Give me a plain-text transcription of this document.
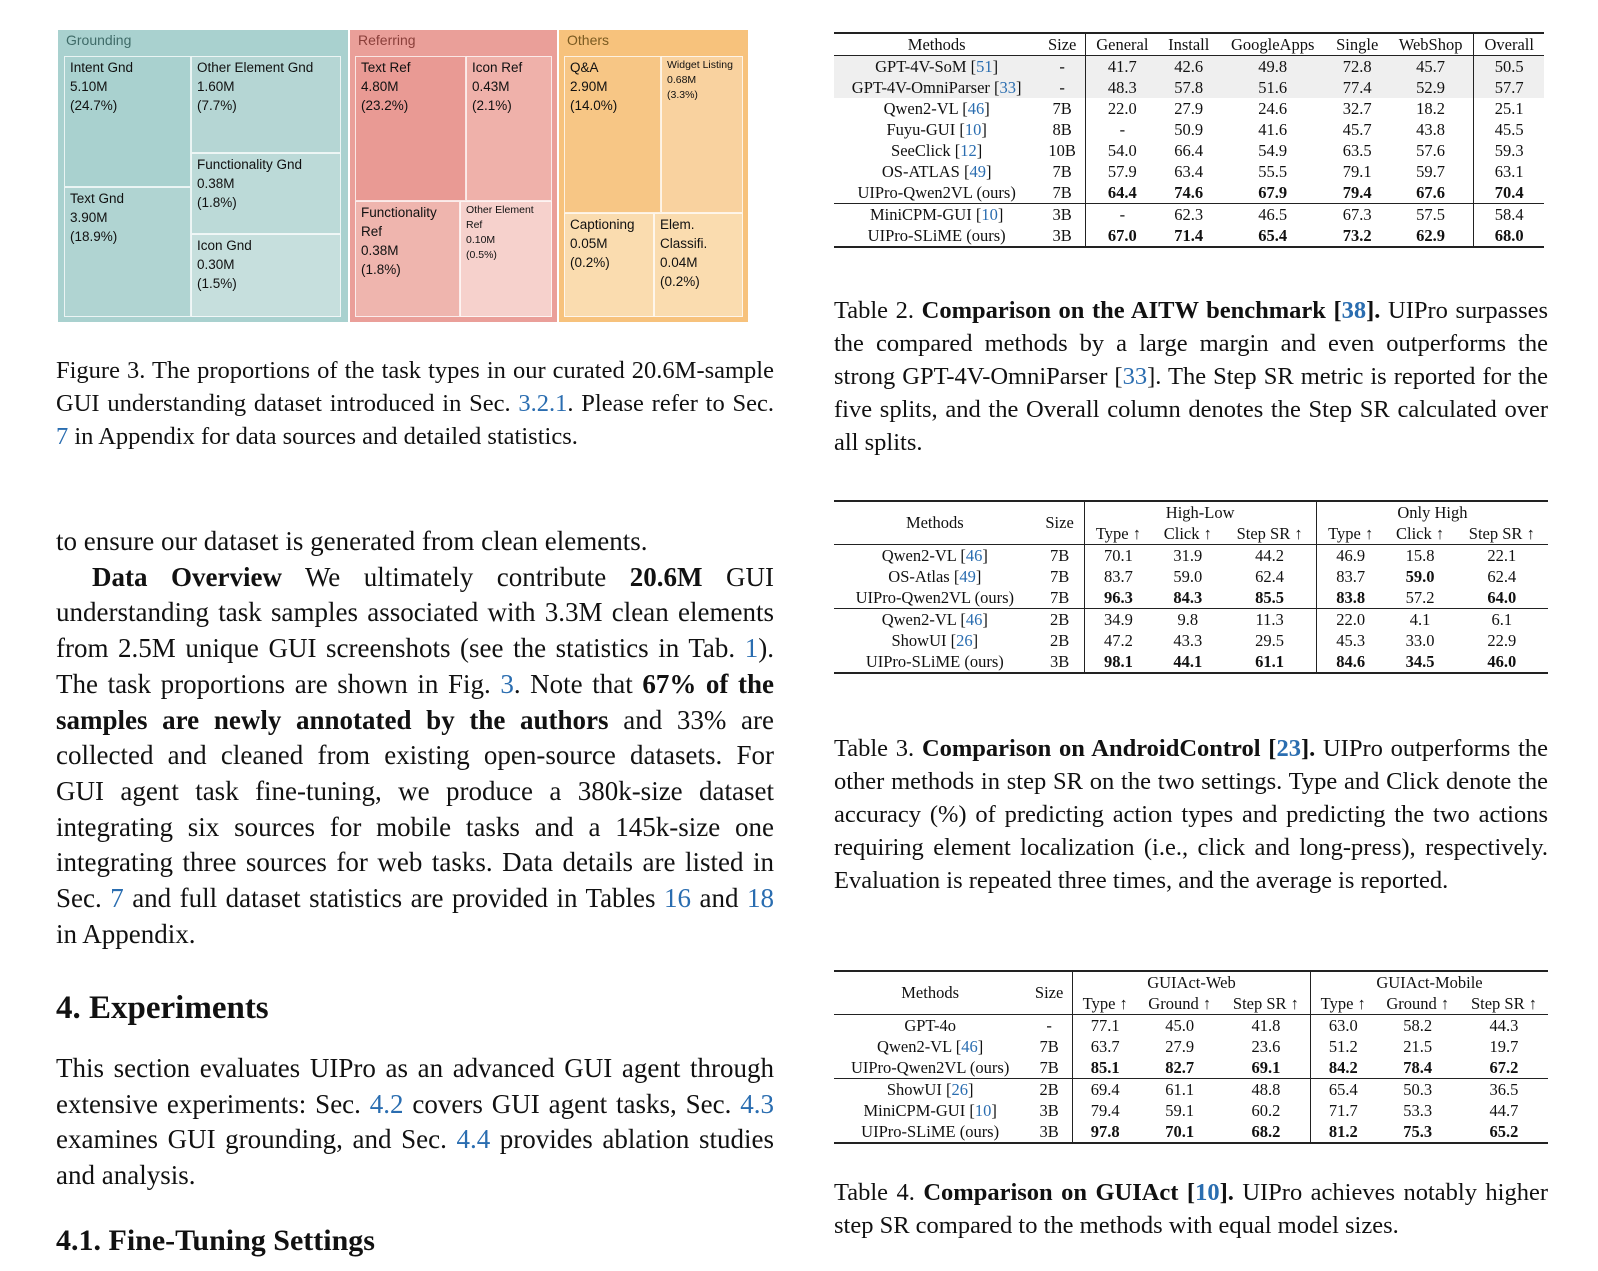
Grounding
Intent Gnd
5.10M
(24.7%)
Other Element Gnd
1.60M
(7.7%)
Functionality Gnd
0.38M
(1.8%)
Text Gnd
3.90M
(18.9%)
Icon Gnd
0.30M
(1.5%)
Referring
Text Ref
4.80M
(23.2%)
Icon Ref
0.43M
(2.1%)
Functionality Ref
0.38M
(1.8%)
Other Element Ref
0.10M
(0.5%)
Others
Q&A
2.90M
(14.0%)
Widget Listing
0.68M
(3.3%)
Captioning
0.05M
(0.2%)
Elem. Classifi.
0.04M
(0.2%)
Figure 3. The proportions of the task types in our curated 20.6M-sample GUI understanding dataset introduced in Sec. 3.2.1. Please refer to Sec. 7 in Appendix for data sources and detailed statistics.

to ensure our dataset is generated from clean elements.

Data Overview We ultimately contribute 20.6M GUI understanding task samples associated with 3.3M clean elements from 2.5M unique GUI screenshots (see the statistics in Tab. 1). The task proportions are shown in Fig. 3. Note that 67% of the samples are newly annotated by the authors and 33% are collected and cleaned from existing open-source datasets. For GUI agent task fine-tuning, we produce a 380k-size dataset integrating six sources for mobile tasks and a 145k-size one integrating three sources for web tasks. Data details are listed in Sec. 7 and full dataset statistics are provided in Tables 16 and 18 in Appendix.

4. Experiments

This section evaluates UIPro as an advanced GUI agent through extensive experiments: Sec. 4.2 covers GUI agent tasks, Sec. 4.3 examines GUI grounding, and Sec. 4.4 provides ablation studies and analysis.

4.1. Fine-Tuning Settings
Methods	Size	General	Install	GoogleApps	Single	WebShop	Overall
GPT-4V-SoM [51]	-	41.7	42.6	49.8	72.8	45.7	50.5
GPT-4V-OmniParser [33]	-	48.3	57.8	51.6	77.4	52.9	57.7
Qwen2-VL [46]	7B	22.0	27.9	24.6	32.7	18.2	25.1
Fuyu-GUI [10]	8B	-	50.9	41.6	45.7	43.8	45.5
SeeClick [12]	10B	54.0	66.4	54.9	63.5	57.6	59.3
OS-ATLAS [49]	7B	57.9	63.4	55.5	79.1	59.7	63.1
UIPro-Qwen2VL (ours)	7B	64.4	74.6	67.9	79.4	67.6	70.4
MiniCPM-GUI [10]	3B	-	62.3	46.5	67.3	57.5	58.4
UIPro-SLiME (ours)	3B	67.0	71.4	65.4	73.2	62.9	68.0
Table 2. Comparison on the AITW benchmark [38]. UIPro surpasses the compared methods by a large margin and even outperforms the strong GPT-4V-OmniParser [33]. The Step SR metric is reported for the five splits, and the Overall column denotes the Step SR calculated over all splits.
Methods	Size	High-Low			Only High		
		Type ↑	Click ↑	Step SR ↑	Type ↑	Click ↑	Step SR ↑
Qwen2-VL [46]	7B	70.1	31.9	44.2	46.9	15.8	22.1
OS-Atlas [49]	7B	83.7	59.0	62.4	83.7	59.0	62.4
UIPro-Qwen2VL (ours)	7B	96.3	84.3	85.5	83.8	57.2	64.0
Qwen2-VL [46]	2B	34.9	9.8	11.3	22.0	4.1	6.1
ShowUI [26]	2B	47.2	43.3	29.5	45.3	33.0	22.9
UIPro-SLiME (ours)	3B	98.1	44.1	61.1	84.6	34.5	46.0
Table 3. Comparison on AndroidControl [23]. UIPro outperforms the other methods in step SR on the two settings. Type and Click denote the accuracy (%) of predicting action types and predicting the two actions requiring element localization (i.e., click and long-press), respectively. Evaluation is repeated three times, and the average is reported.
Methods	Size	GUIAct-Web			GUIAct-Mobile		
		Type ↑	Ground ↑	Step SR ↑	Type ↑	Ground ↑	Step SR ↑
GPT-4o	-	77.1	45.0	41.8	63.0	58.2	44.3
Qwen2-VL [46]	7B	63.7	27.9	23.6	51.2	21.5	19.7
UIPro-Qwen2VL (ours)	7B	85.1	82.7	69.1	84.2	78.4	67.2
ShowUI [26]	2B	69.4	61.1	48.8	65.4	50.3	36.5
MiniCPM-GUI [10]	3B	79.4	59.1	60.2	71.7	53.3	44.7
UIPro-SLiME (ours)	3B	97.8	70.1	68.2	81.2	75.3	65.2
Table 4. Comparison on GUIAct [10]. UIPro achieves notably higher step SR compared to the methods with equal model sizes.
